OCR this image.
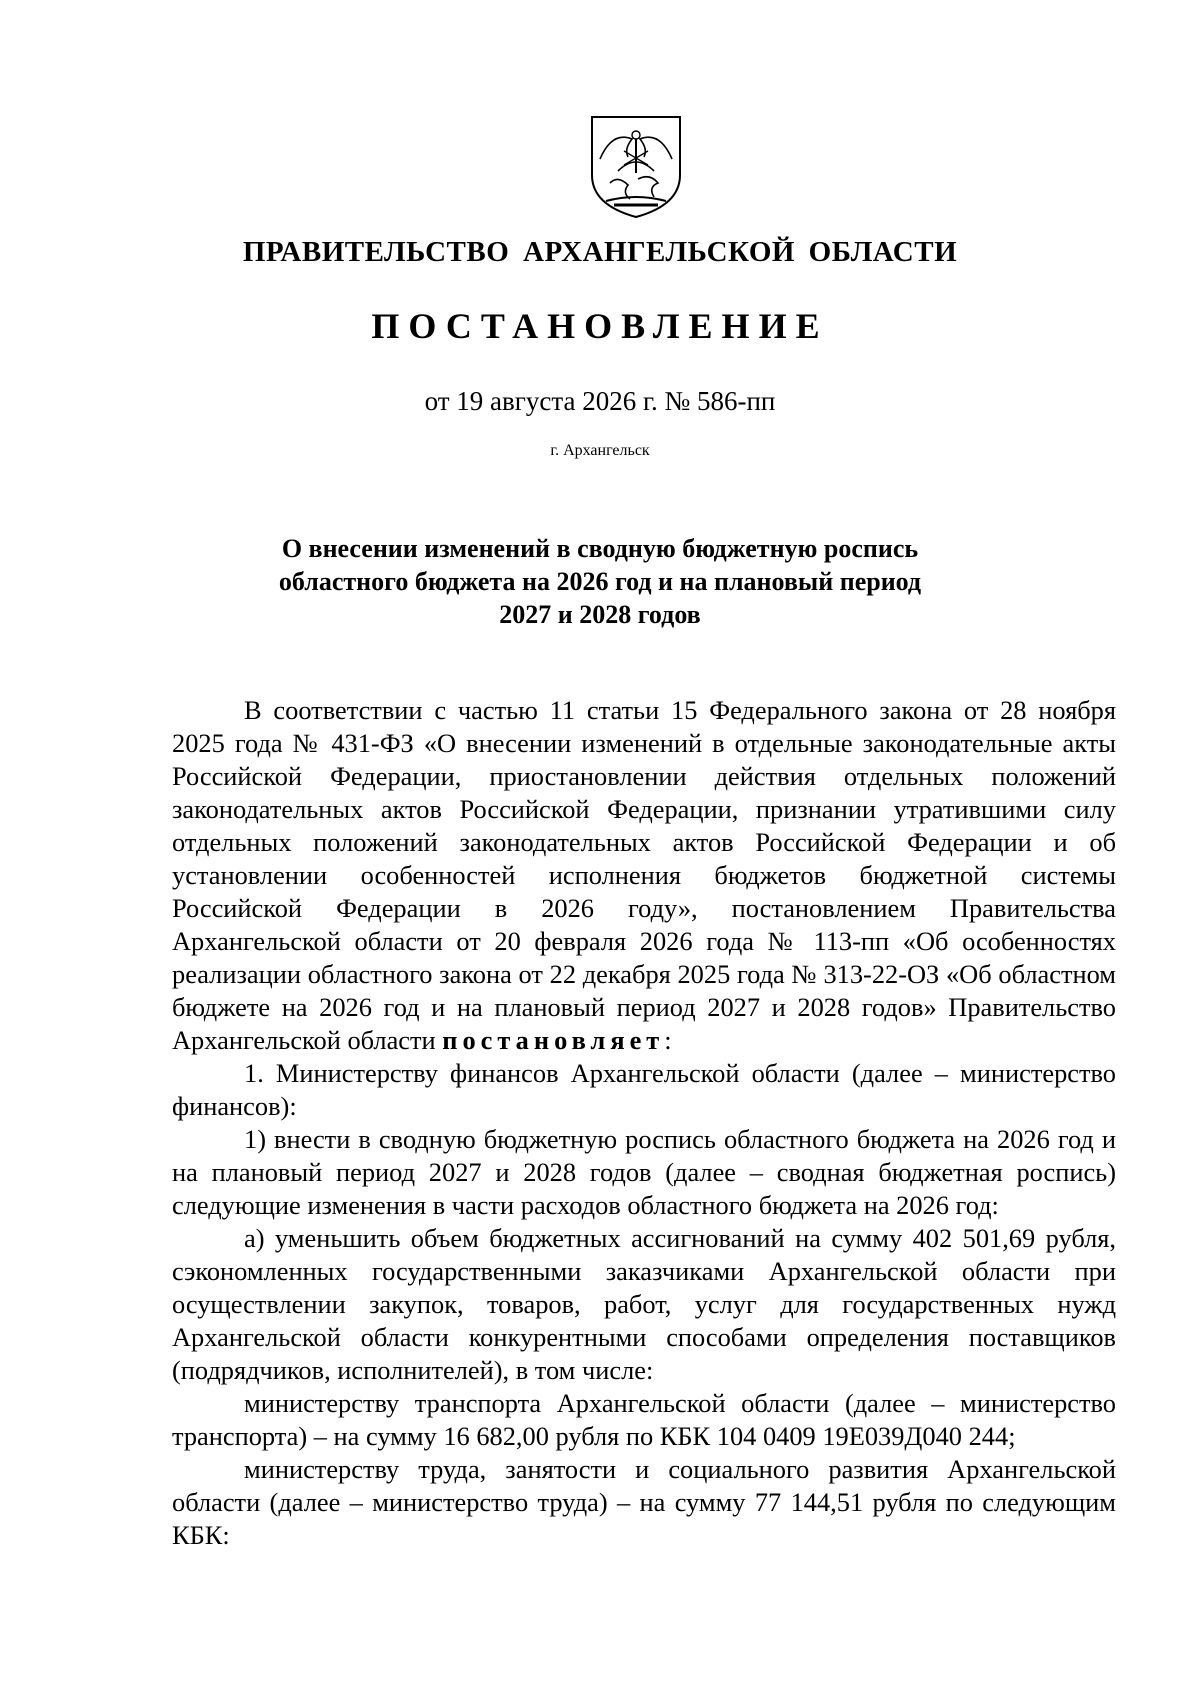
ПРАВИТЕЛЬСТВО АРХАНГЕЛЬСКОЙ ОБЛАСТИ
ПОСТАНОВЛЕНИЕ
от 19 августа 2026 г. № 586-пп
г. Архангельск
О внесении изменений в сводную бюджетную роспись
областного бюджета на 2026 год и на плановый период
2027 и 2028 годов

В соответствии с частью 11 статьи 15 Федерального закона от 28 ноября 2025 года № 431-ФЗ «О внесении изменений в отдельные законодательные акты Российской Федерации, приостановлении действия отдельных положений законодательных актов Российской Федерации, признании утратившими силу отдельных положений законодательных актов Российской Федерации и об установлении особенностей исполнения бюджетов бюджетной системы Российской Федерации в 2026 году», постановлением Правительства Архангельской области от 20 февраля 2026 года № 113-пп «Об особенностях реализации областного закона от 22 декабря 2025 года № 313-22-ОЗ «Об областном бюджете на 2026 год и на плановый период 2027 и 2028 годов» Правительство Архангельской области постановляет:

1. Министерству финансов Архангельской области (далее – министерство финансов):

1) внести в сводную бюджетную роспись областного бюджета на 2026 год и на плановый период 2027 и 2028 годов (далее – сводная бюджетная роспись) следующие изменения в части расходов областного бюджета на 2026 год:

а) уменьшить объем бюджетных ассигнований на сумму 402 501,69 рубля, сэкономленных государственными заказчиками Архангельской области при осуществлении закупок, товаров, работ, услуг для государственных нужд Архангельской области конкурентными способами определения поставщиков (подрядчиков, исполнителей), в том числе:

министерству транспорта Архангельской области (далее – министерство транспорта) – на сумму 16 682,00 рубля по КБК 104 0409 19Е039Д040 244;

министерству труда, занятости и социального развития Архангельской области (далее – министерство труда) – на сумму 77 144,51 рубля по следующим КБК:
